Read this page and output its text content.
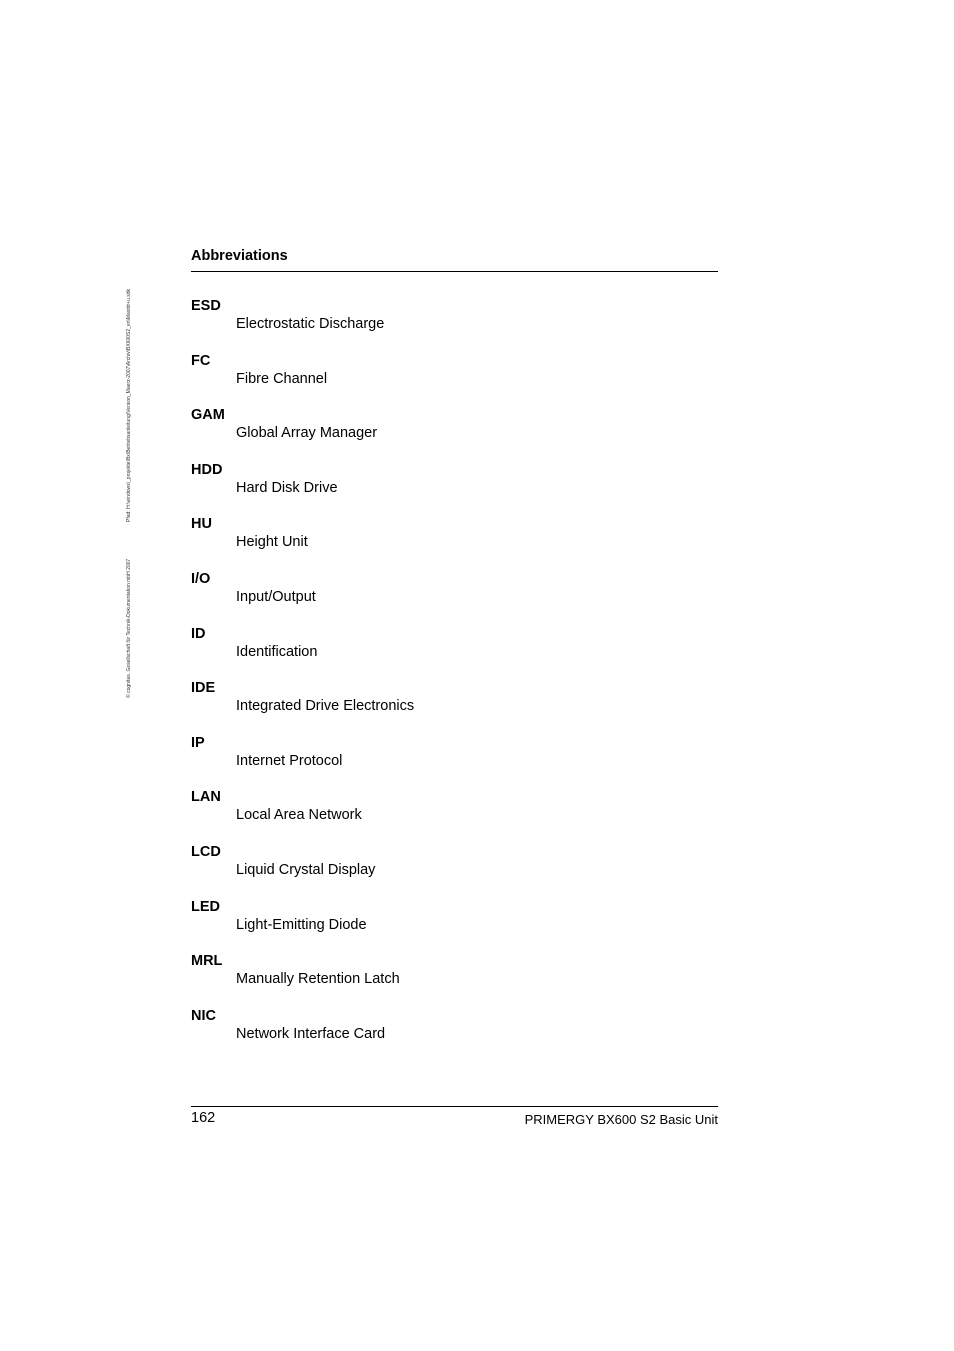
Pfad: H:\windows\_projekte\Bx\Betriebsanleitung\Version_Maerz-2007\Archiv\BX600S2_en\Mastdr+u.sdk
© cognitas. Gesellschaft für Technik-Dokumentation mbH 2007
Abbreviations
ESD
Electrostatic Discharge
FC
Fibre Channel
GAM
Global Array Manager
HDD
Hard Disk Drive
HU
Height Unit
I/O
Input/Output
ID
Identification
IDE
Integrated Drive Electronics
IP
Internet Protocol
LAN
Local Area Network
LCD
Liquid Crystal Display
LED
Light-Emitting Diode
MRL
Manually Retention Latch
NIC
Network Interface Card
162	PRIMERGY BX600 S2 Basic Unit
